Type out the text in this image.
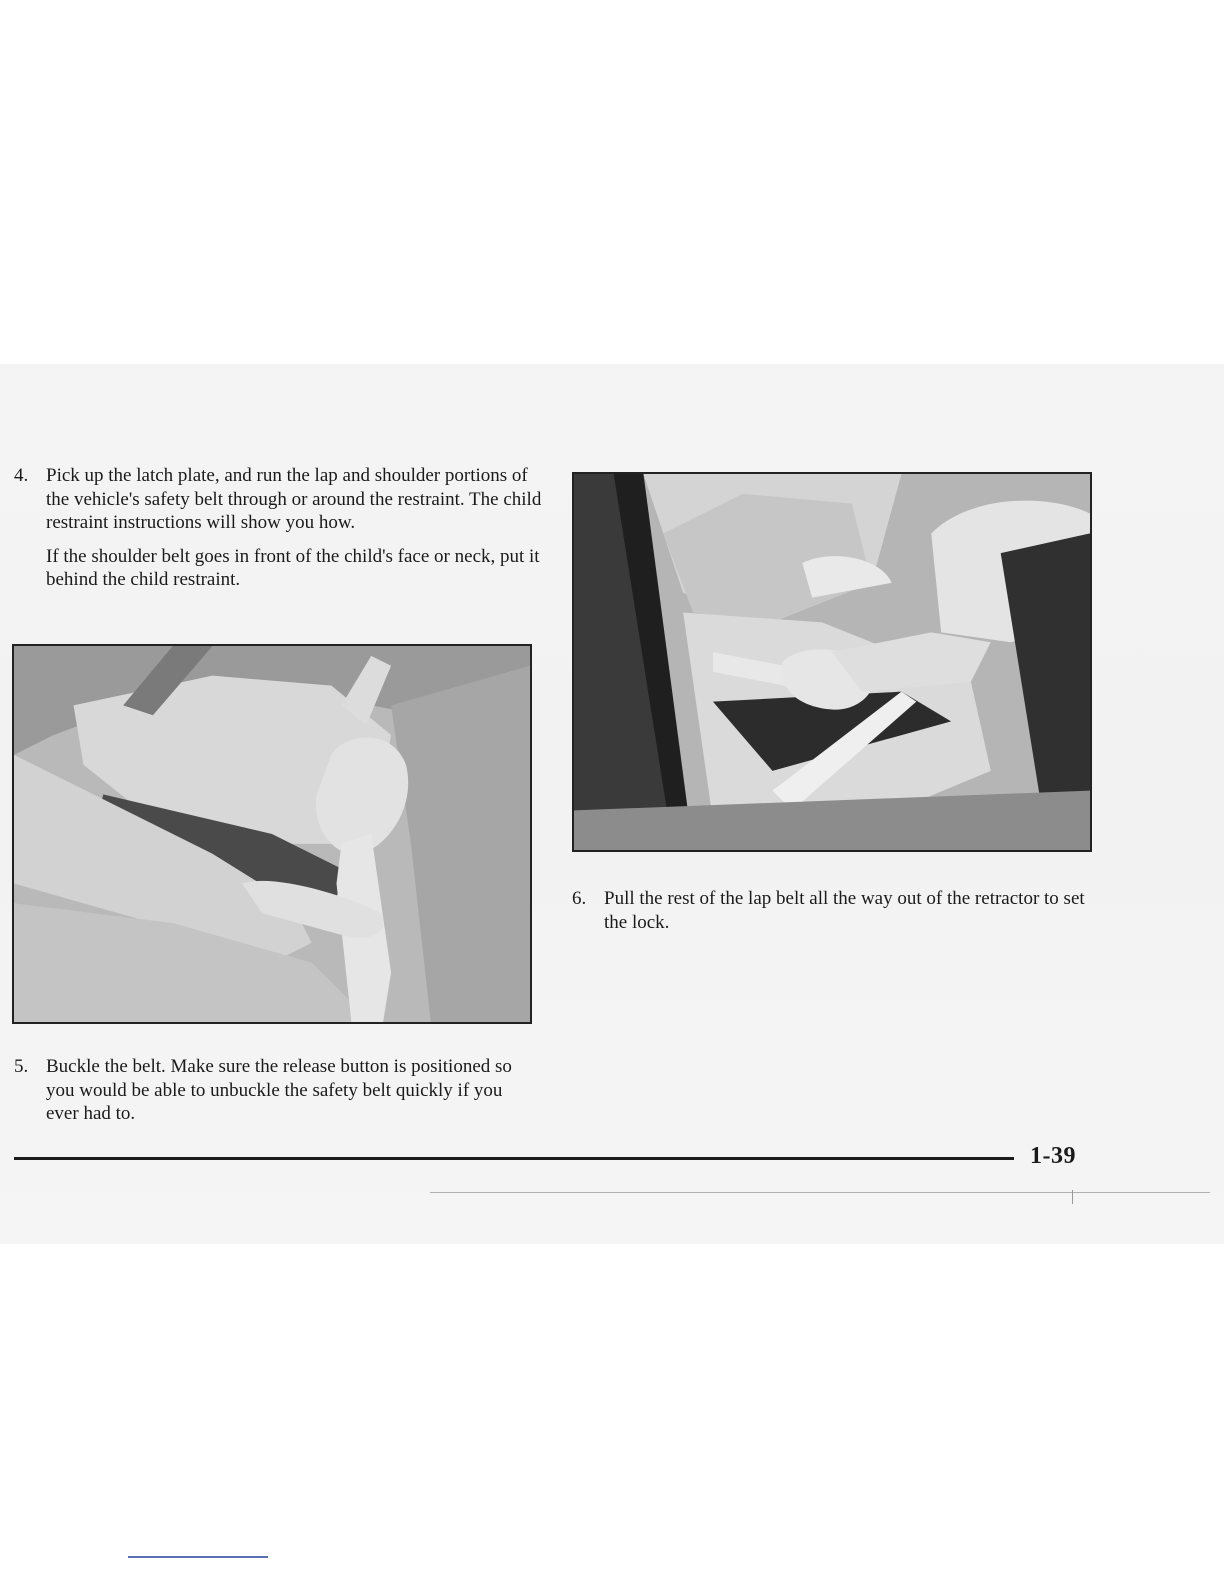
4. Pick up the latch plate, and run the lap and shoulder portions of the vehicle's safety belt through or around the restraint. The child restraint instructions will show you how.

If the shoulder belt goes in front of the child's face or neck, put it behind the child restraint.

5. Buckle the belt. Make sure the release button is positioned so you would be able to unbuckle the safety belt quickly if you ever had to.

6. Pull the rest of the lap belt all the way out of the retractor to set the lock.

1-39
